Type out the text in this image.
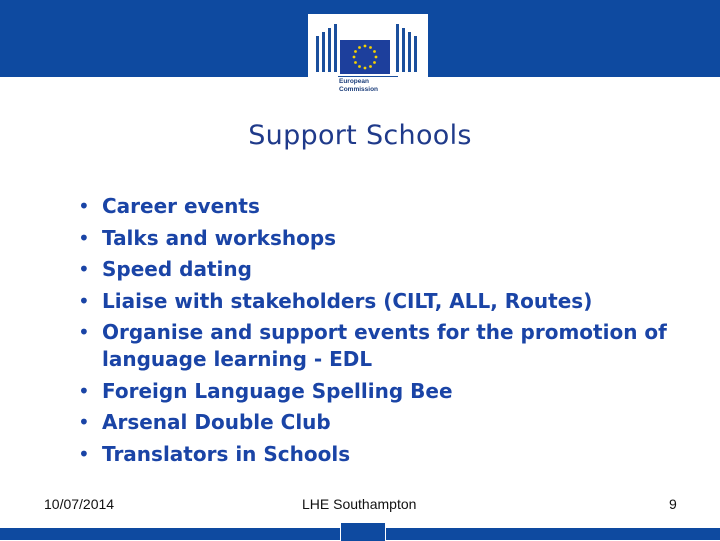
European
Commission
Support Schools
• Career events
• Talks and workshops
• Speed dating
• Liaise with stakeholders (CILT, ALL, Routes)
• Organise and support events for the promotion of language learning - EDL
• Foreign Language Spelling Bee
• Arsenal Double Club
• Translators in Schools
10/07/2014	LHE Southampton	9
